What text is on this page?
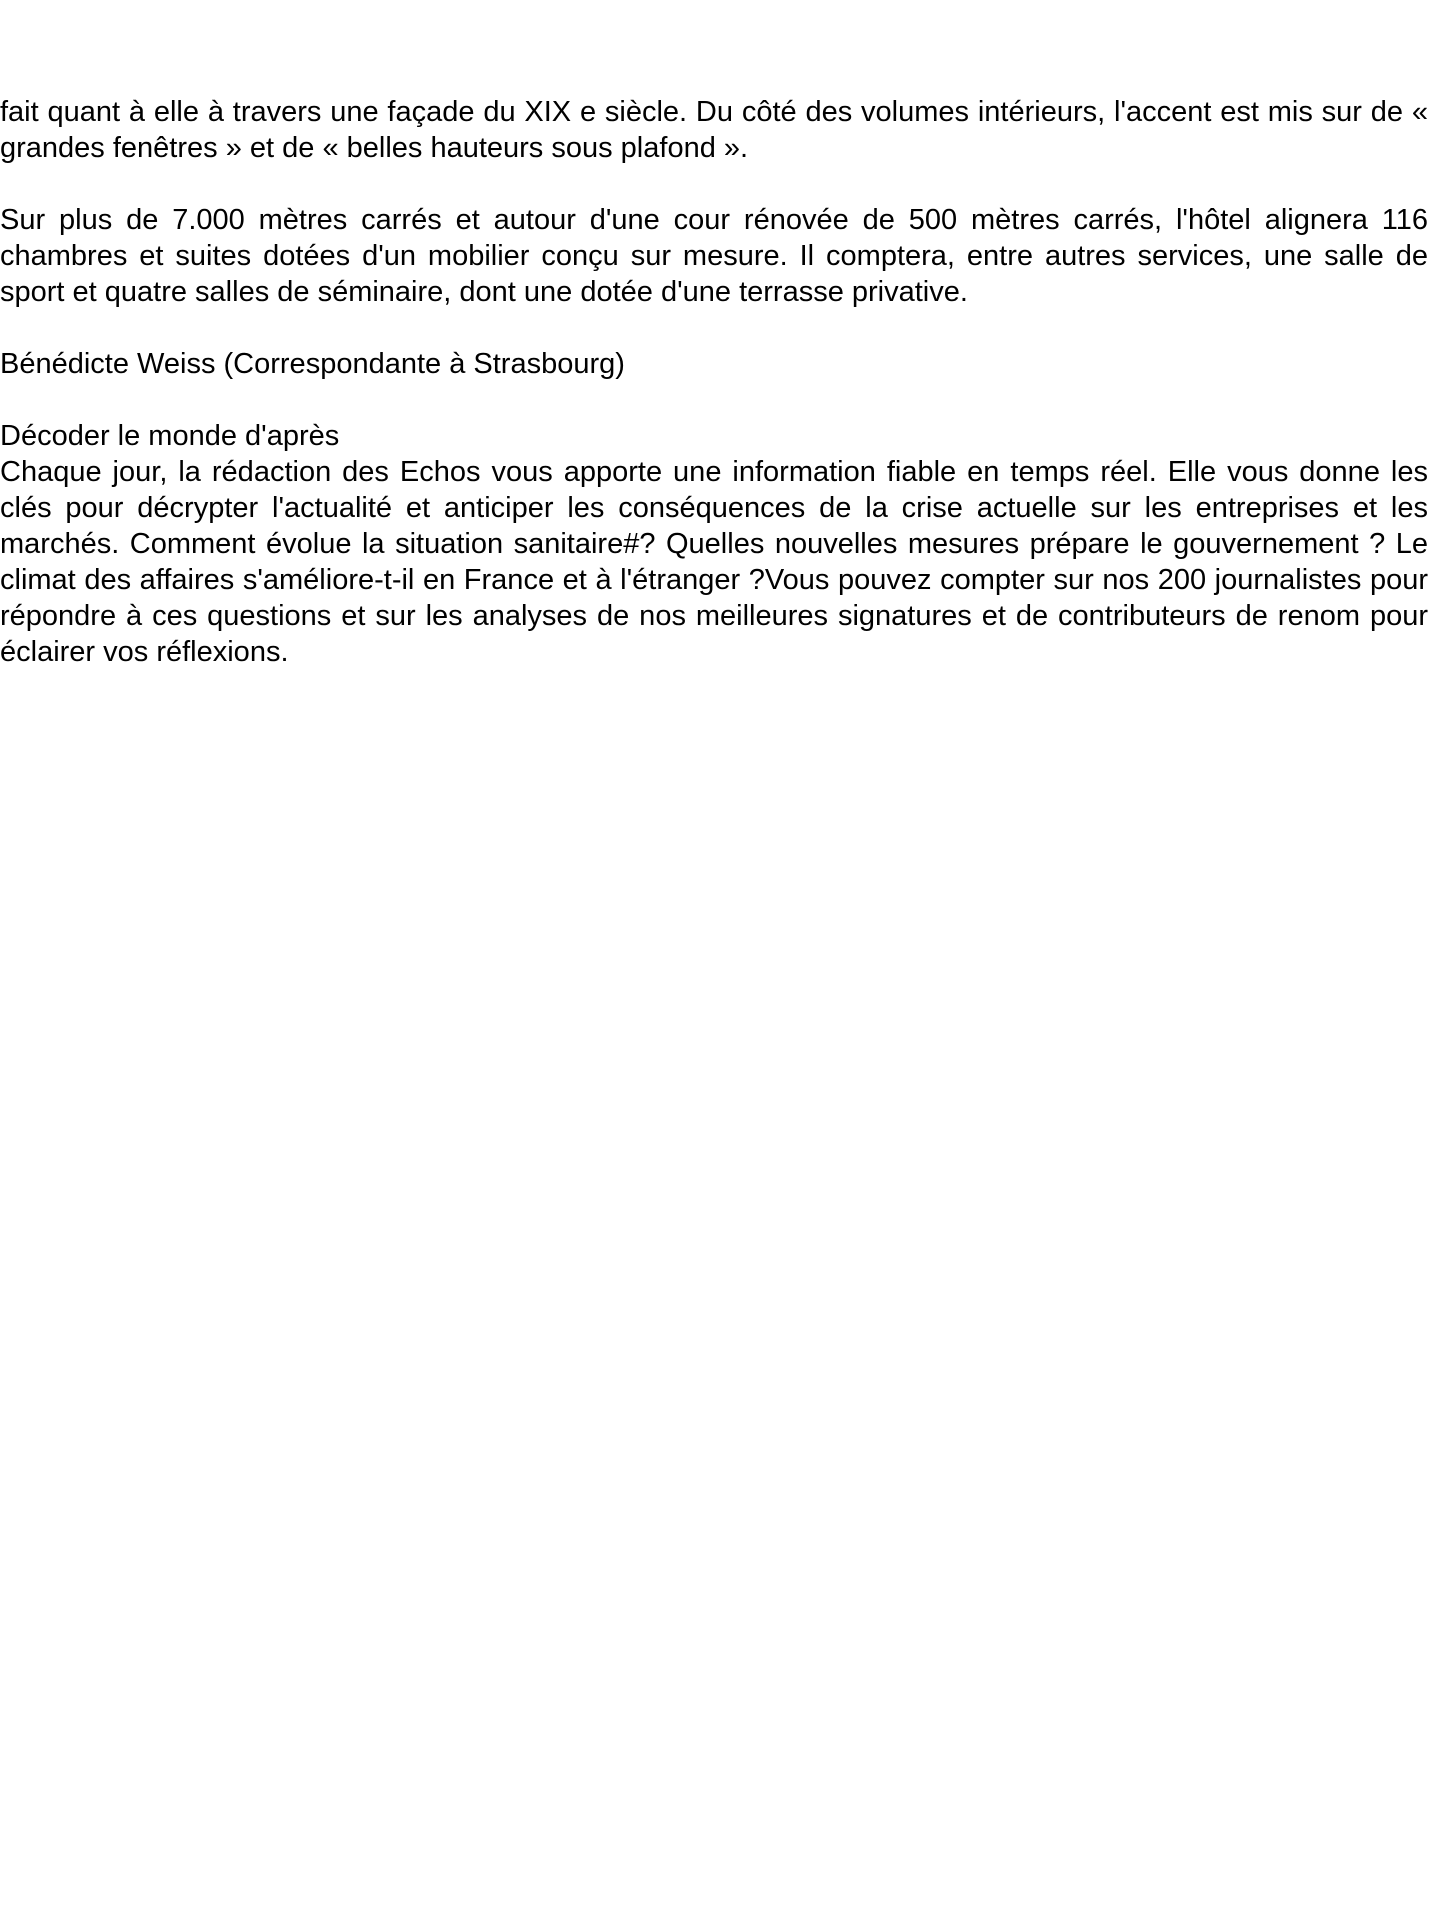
fait quant à elle à travers une façade du XIX e siècle. Du côté des volumes intérieurs, l'accent est mis sur de « grandes fenêtres » et de « belles hauteurs sous plafond ».

Sur plus de 7.000 mètres carrés et autour d'une cour rénovée de 500 mètres carrés, l'hôtel alignera 116 chambres et suites dotées d'un mobilier conçu sur mesure. Il comptera, entre autres services, une salle de sport et quatre salles de séminaire, dont une dotée d'une terrasse privative.

Bénédicte Weiss (Correspondante à Strasbourg)

Décoder le monde d'après

Chaque jour, la rédaction des Echos vous apporte une information fiable en temps réel. Elle vous donne les clés pour décrypter l'actualité et anticiper les conséquences de la crise actuelle sur les entreprises et les marchés. Comment évolue la situation sanitaire#? Quelles nouvelles mesures prépare le gouvernement ? Le climat des affaires s'améliore-t-il en France et à l'étranger ?Vous pouvez compter sur nos 200 journalistes pour répondre à ces questions et sur les analyses de nos meilleures signatures et de contributeurs de renom pour éclairer vos réflexions.
